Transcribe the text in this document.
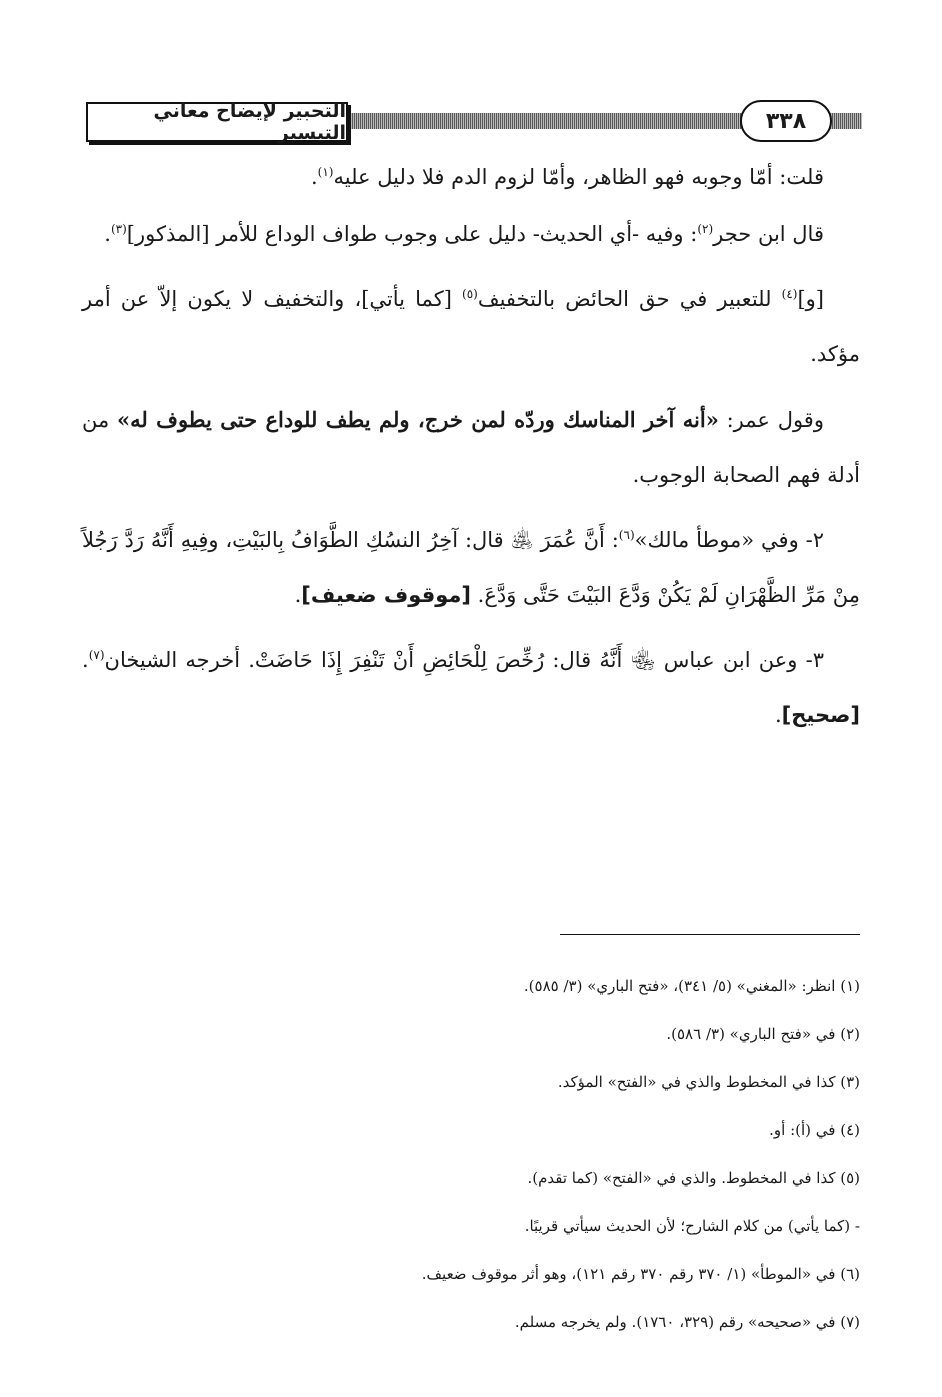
التحبير لإيضاح معاني التيسير	٣٣٨

قلت: أمّا وجوبه فهو الظاهر، وأمّا لزوم الدم فلا دليل عليه$^{(١)}$.

قال ابن حجر$^{(٢)}$: وفيه -أي الحديث- دليل على وجوب طواف الوداع للأمر [المذكور]$^{(٣)}$.

[و]$^{(٤)}$ للتعبير في حق الحائض بالتخفيف$^{(٥)}$ [كما يأتي]، والتخفيف لا يكون إلاّ عن أمر مؤكد.

وقول عمر: «أنه آخر المناسك وردّه لمن خرج، ولم يطف للوداع حتى يطوف له» من أدلة فهم الصحابة الوجوب.

٢- وفي «موطأ مالك»$^{(٦)}$: أَنَّ عُمَرَ ﵁ قال: آخِرُ النسُكِ الطَّوَافُ بِالبَيْتِ، وفِيهِ أَنَّهُ رَدَّ رَجُلاً مِنْ مَرِّ الظَّهْرَانِ لَمْ يَكُنْ وَدَّعَ البَيْتَ حَتَّى وَدَّعَ. [موقوف ضعيف].

٣- وعن ابن عباس ﵄ أَنَّهُ قال: رُخِّصَ لِلْحَائِضِ أَنْ تَنْفِرَ إِذَا حَاضَتْ. أخرجه الشيخان$^{(٧)}$. [صحيح].

(١) انظر: «المغني» (٥/ ٣٤١)، «فتح الباري» (٣/ ٥٨٥).
(٢) في «فتح الباري» (٣/ ٥٨٦).
(٣) كذا في المخطوط والذي في «الفتح» المؤكد.
(٤) في (أ): أو.
(٥) كذا في المخطوط. والذي في «الفتح» (كما تقدم).
- (كما يأتي) من كلام الشارح؛ لأن الحديث سيأتي قريبًا.
(٦) في «الموطأ» (١/ ٣٧٠ رقم ٣٧٠ رقم ١٢١)، وهو أثر موقوف ضعيف.
(٧) في «صحيحه» رقم (٣٢٩، ١٧٦٠). ولم يخرجه مسلم.
